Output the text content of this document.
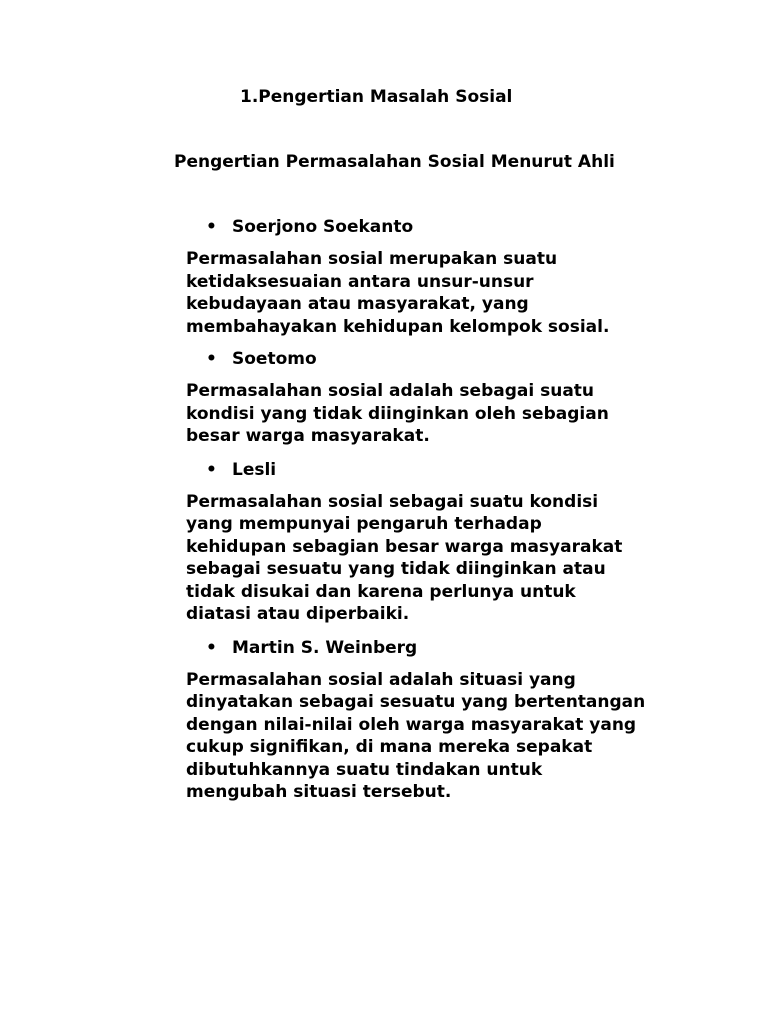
1.Pengertian Masalah Sosial
Pengertian Permasalahan Sosial Menurut Ahli
• Soerjono Soekanto

Permasalahan sosial merupakan suatu
ketidaksesuaian antara unsur-unsur
kebudayaan atau masyarakat, yang
membahayakan kehidupan kelompok sosial.

• Soetomo

Permasalahan sosial adalah sebagai suatu
kondisi yang tidak diinginkan oleh sebagian
besar warga masyarakat.

• Lesli

Permasalahan sosial sebagai suatu kondisi
yang mempunyai pengaruh terhadap
kehidupan sebagian besar warga masyarakat
sebagai sesuatu yang tidak diinginkan atau
tidak disukai dan karena perlunya untuk
diatasi atau diperbaiki.

• Martin S. Weinberg

Permasalahan sosial adalah situasi yang
dinyatakan sebagai sesuatu yang bertentangan
dengan nilai-nilai oleh warga masyarakat yang
cukup signifikan, di mana mereka sepakat
dibutuhkannya suatu tindakan untuk
mengubah situasi tersebut.
